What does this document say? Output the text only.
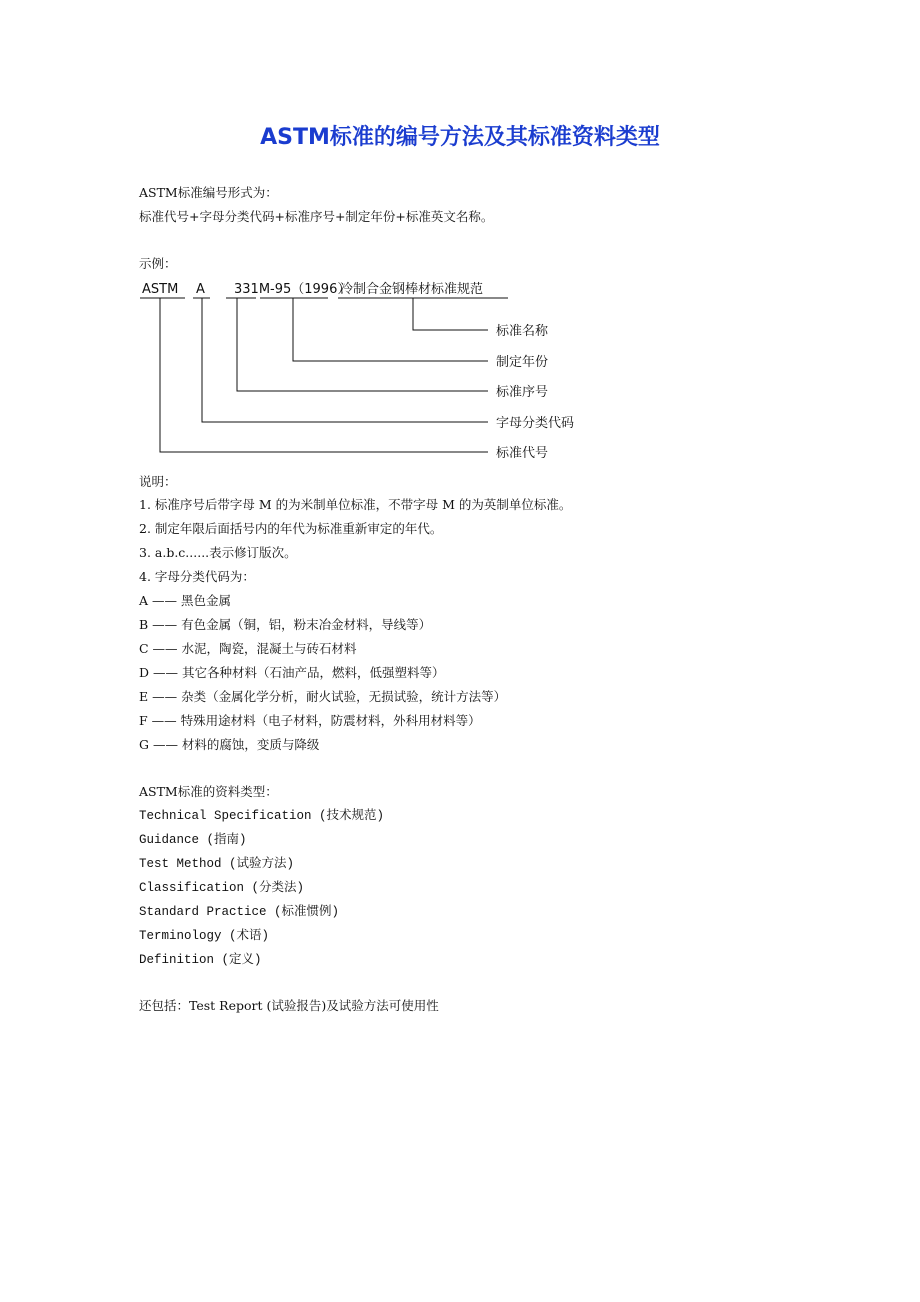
ASTM标准的编号方法及其标准资料类型
ASTM标准编号形式为：
标准代号+字母分类代码+标准序号+制定年份+标准英文名称。
示例：
ASTM A 331M-95（1996）
冷制合金钢棒材标准规范
标准名称
制定年份
标准序号
字母分类代码
标准代号
说明：
1. 标准序号后带字母 M 的为米制单位标准，不带字母 M 的为英制单位标准。
2. 制定年限后面括号内的年代为标准重新审定的年代。
3. a.b.c......表示修订版次。
4. 字母分类代码为：
A —— 黑色金属
B —— 有色金属（铜，铝，粉末冶金材料，导线等）
C —— 水泥，陶瓷，混凝土与砖石材料
D —— 其它各种材料（石油产品，燃料，低强塑料等）
E —— 杂类（金属化学分析，耐火试验，无损试验，统计方法等）
F —— 特殊用途材料（电子材料，防震材料，外科用材料等）
G —— 材料的腐蚀，变质与降级
ASTM标准的资料类型：
Technical Specification (技术规范)
Guidance (指南)
Test Method (试验方法)
Classification (分类法)
Standard Practice (标准惯例)
Terminology (术语)
Definition (定义)
还包括：Test Report (试验报告)及试验方法可使用性
